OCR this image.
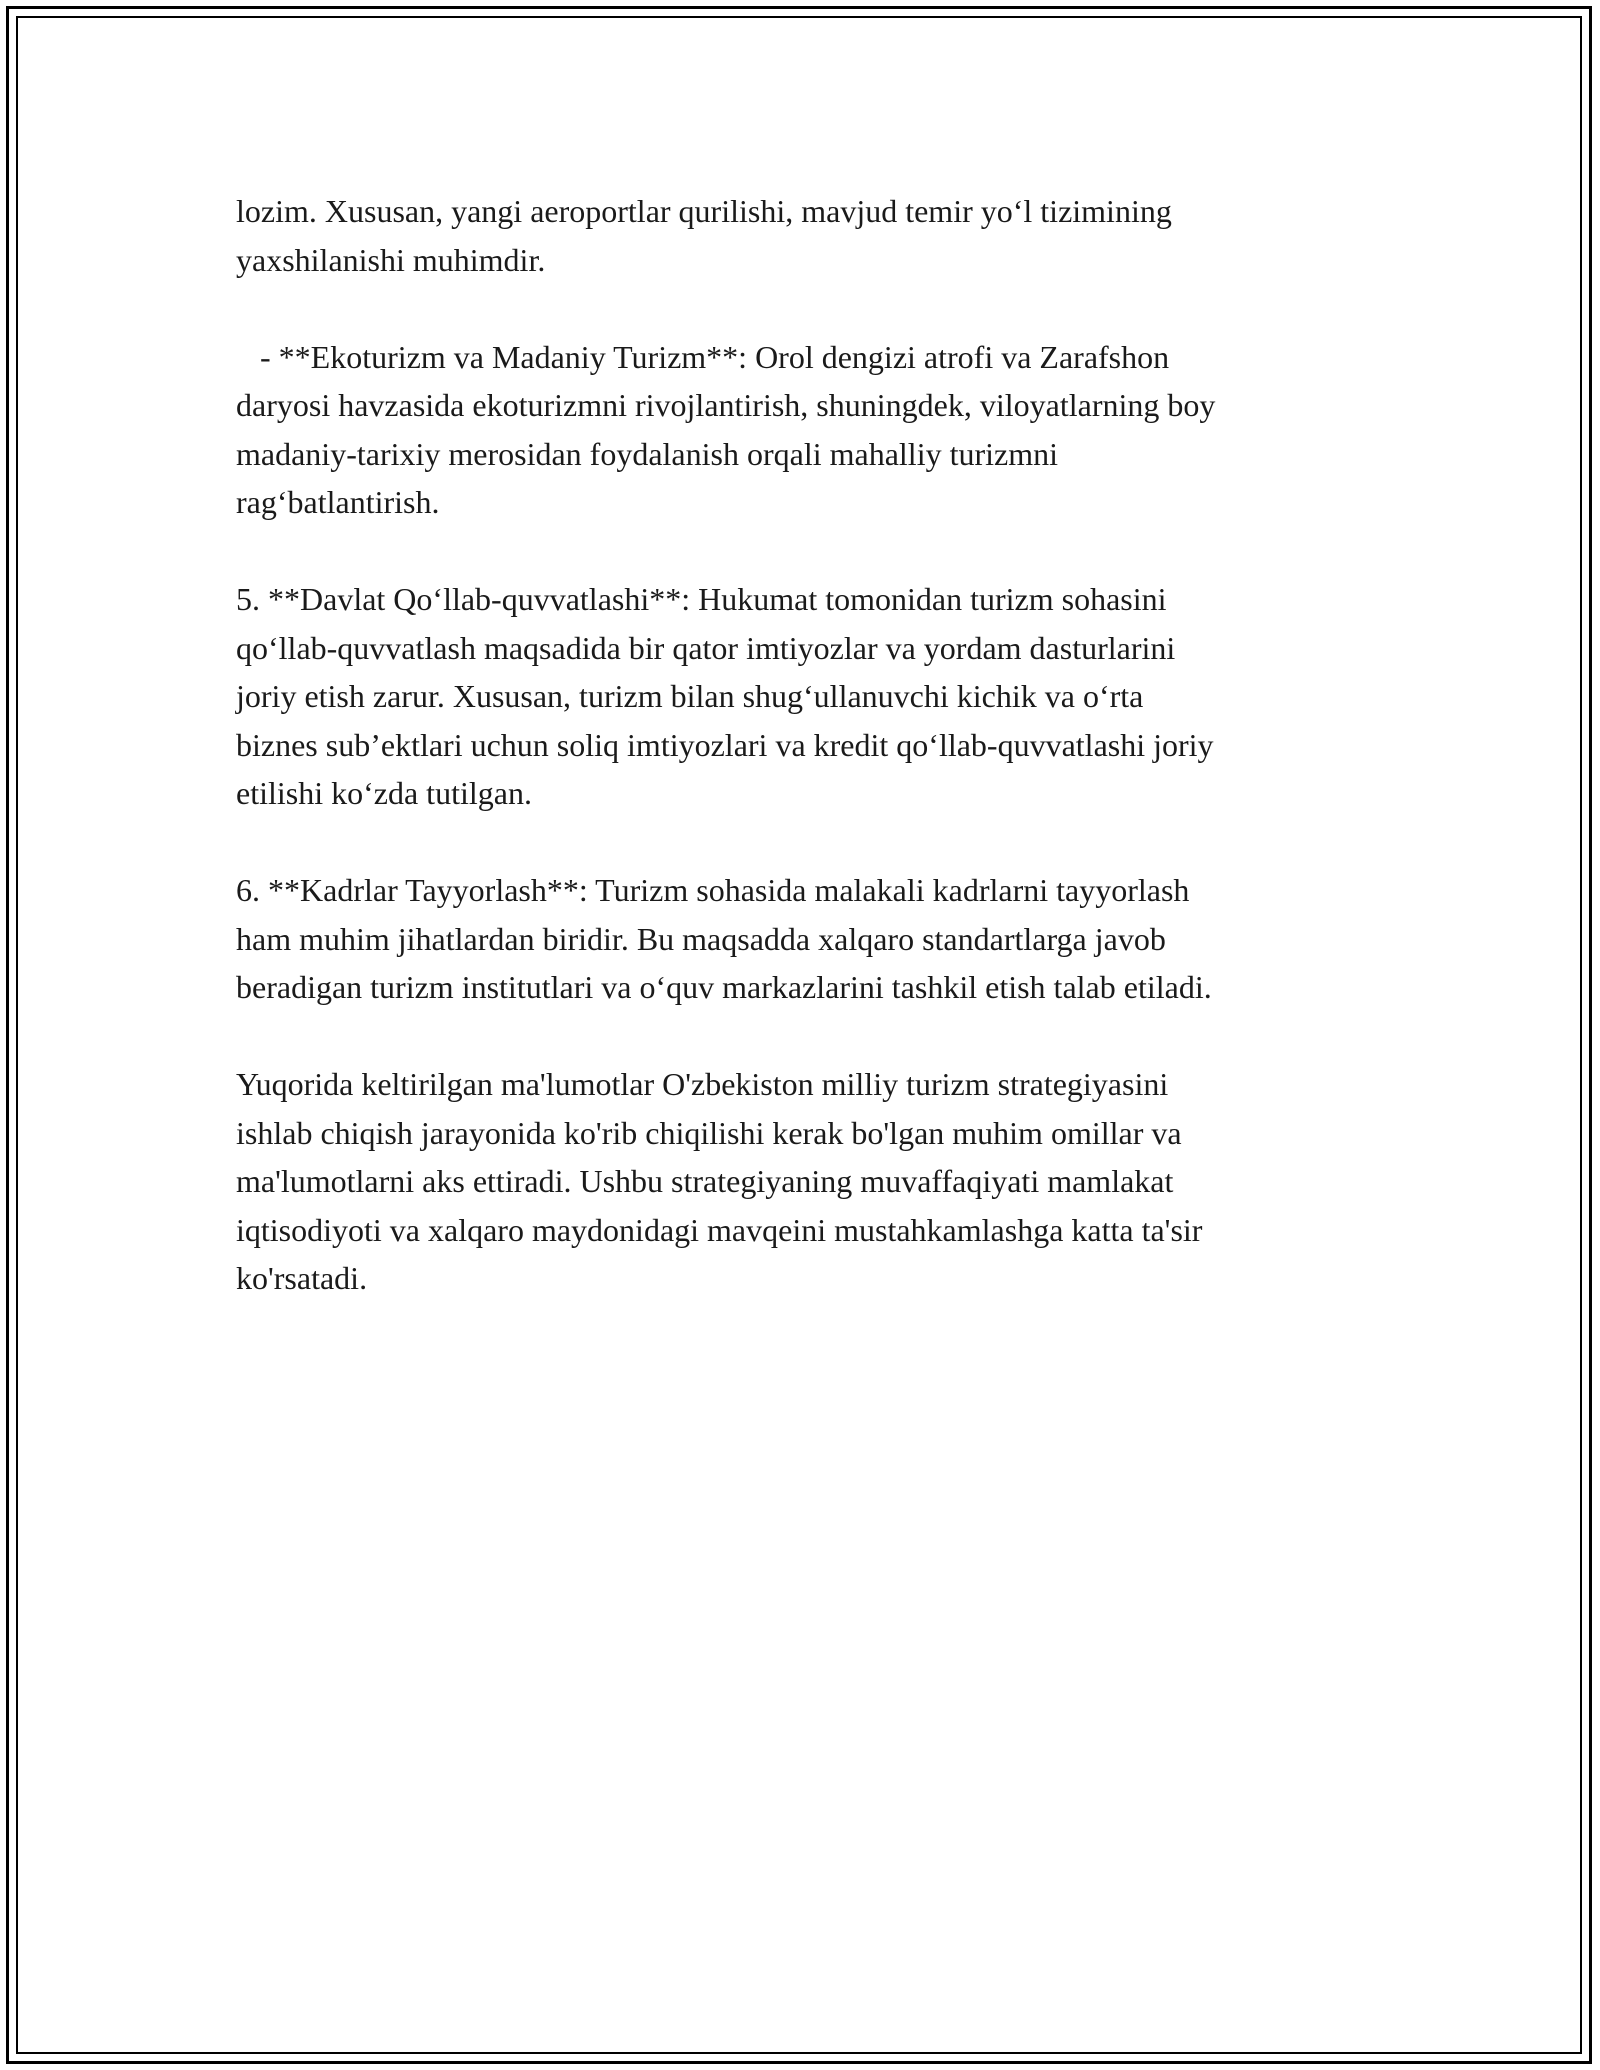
lozim. Xususan, yangi aeroportlar qurilishi, mavjud temir yo‘l tizimining
yaxshilanishi muhimdir.

- **Ekoturizm va Madaniy Turizm**: Orol dengizi atrofi va Zarafshon
daryosi havzasida ekoturizmni rivojlantirish, shuningdek, viloyatlarning boy
madaniy-tarixiy merosidan foydalanish orqali mahalliy turizmni
rag‘batlantirish.

5. **Davlat Qo‘llab-quvvatlashi**: Hukumat tomonidan turizm sohasini
qo‘llab-quvvatlash maqsadida bir qator imtiyozlar va yordam dasturlarini
joriy etish zarur. Xususan, turizm bilan shug‘ullanuvchi kichik va o‘rta
biznes sub’ektlari uchun soliq imtiyozlari va kredit qo‘llab-quvvatlashi joriy
etilishi ko‘zda tutilgan.

6. **Kadrlar Tayyorlash**: Turizm sohasida malakali kadrlarni tayyorlash
ham muhim jihatlardan biridir. Bu maqsadda xalqaro standartlarga javob
beradigan turizm institutlari va o‘quv markazlarini tashkil etish talab etiladi.

Yuqorida keltirilgan ma'lumotlar O'zbekiston milliy turizm strategiyasini
ishlab chiqish jarayonida ko'rib chiqilishi kerak bo'lgan muhim omillar va
ma'lumotlarni aks ettiradi. Ushbu strategiyaning muvaffaqiyati mamlakat
iqtisodiyoti va xalqaro maydonidagi mavqeini mustahkamlashga katta ta'sir
ko'rsatadi.
